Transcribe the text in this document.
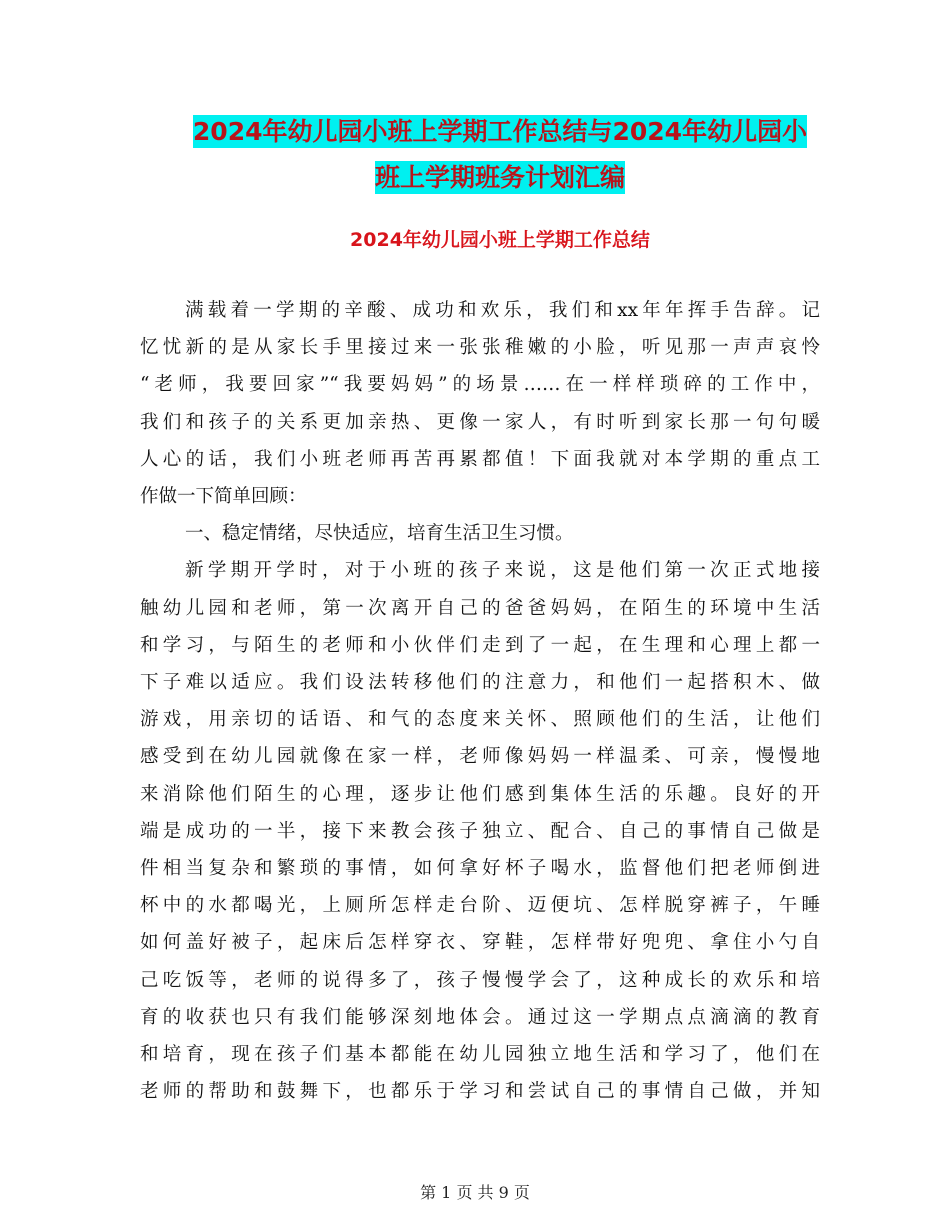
2024年幼儿园小班上学期工作总结与2024年幼儿园小
班上学期班务计划汇编
2024年幼儿园小班上学期工作总结
满载着一学期的辛酸、成功和欢乐，我们和xx年年挥手告辞。记
忆忧新的是从家长手里接过来一张张稚嫩的小脸，听见那一声声哀怜
“老师，我要回家”“我要妈妈”的场景……在一样样琐碎的工作中，
我们和孩子的关系更加亲热、更像一家人，有时听到家长那一句句暖
人心的话，我们小班老师再苦再累都值！下面我就对本学期的重点工
作做一下简单回顾：
一、稳定情绪，尽快适应，培育生活卫生习惯。
新学期开学时，对于小班的孩子来说，这是他们第一次正式地接
触幼儿园和老师，第一次离开自己的爸爸妈妈，在陌生的环境中生活
和学习，与陌生的老师和小伙伴们走到了一起，在生理和心理上都一
下子难以适应。我们设法转移他们的注意力，和他们一起搭积木、做
游戏，用亲切的话语、和气的态度来关怀、照顾他们的生活，让他们
感受到在幼儿园就像在家一样，老师像妈妈一样温柔、可亲，慢慢地
来消除他们陌生的心理，逐步让他们感到集体生活的乐趣。良好的开
端是成功的一半，接下来教会孩子独立、配合、自己的事情自己做是
件相当复杂和繁琐的事情，如何拿好杯子喝水，监督他们把老师倒进
杯中的水都喝光，上厕所怎样走台阶、迈便坑、怎样脱穿裤子，午睡
如何盖好被子，起床后怎样穿衣、穿鞋，怎样带好兜兜、拿住小勺自
己吃饭等，老师的说得多了，孩子慢慢学会了，这种成长的欢乐和培
育的收获也只有我们能够深刻地体会。通过这一学期点点滴滴的教育
和培育，现在孩子们基本都能在幼儿园独立地生活和学习了，他们在
老师的帮助和鼓舞下，也都乐于学习和尝试自己的事情自己做，并知

第 1 页 共 9 页
